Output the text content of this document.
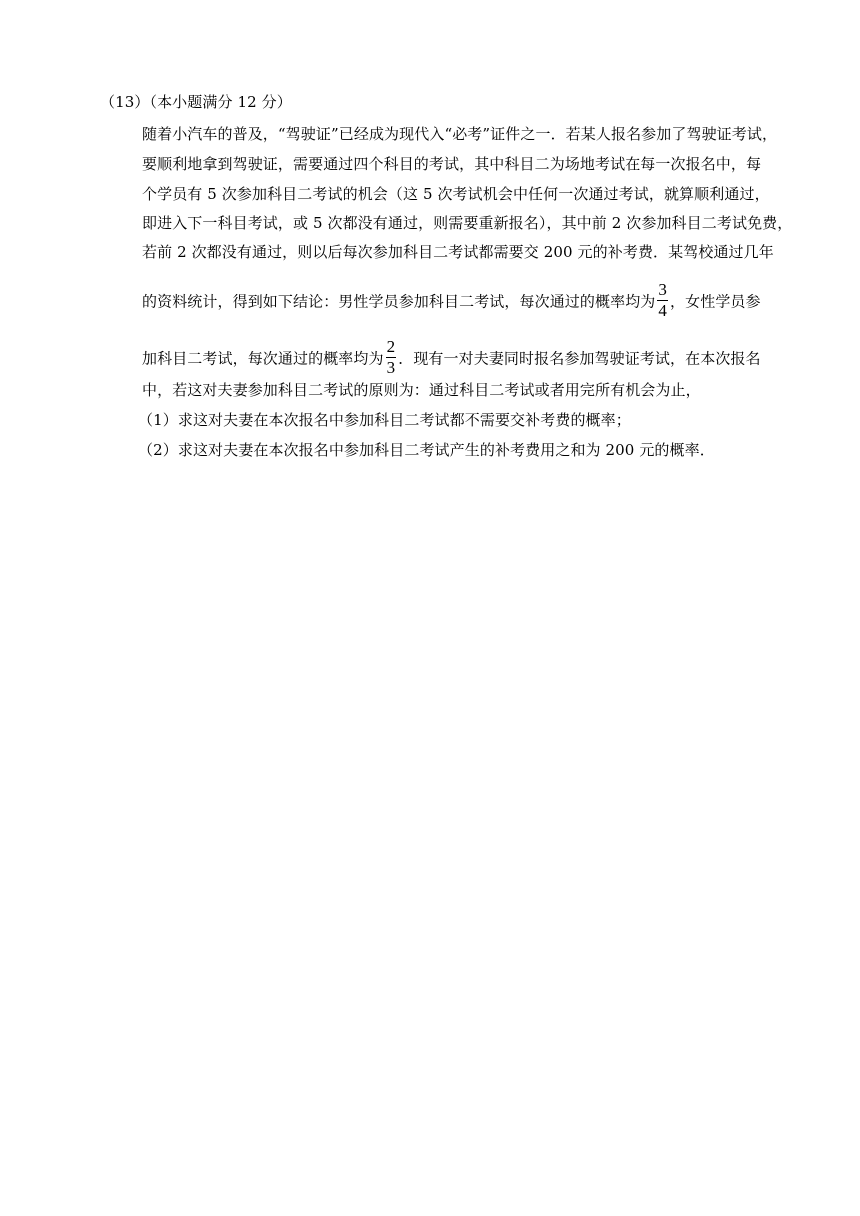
（13）（本小题满分 12 分）
随着小汽车的普及，“驾驶证”已经成为现代入“必考”证件之一．若某人报名参加了驾驶证考试，
要顺利地拿到驾驶证，需要通过四个科目的考试，其中科目二为场地考试在每一次报名中，每
个学员有 5 次参加科目二考试的机会（这 5 次考试机会中任何一次通过考试，就算顺利通过，
即进入下一科目考试，或 5 次都没有通过，则需要重新报名），其中前 2 次参加科目二考试免费，
若前 2 次都没有通过，则以后每次参加科目二考试都需要交 200 元的补考费．某驾校通过几年
的资料统计，得到如下结论：男性学员参加科目二考试，每次通过的概率均为 $\frac{3}{4}$ ，女性学员参
加科目二考试，每次通过的概率均为 $\frac{2}{3}$ ．现有一对夫妻同时报名参加驾驶证考试，在本次报名
中，若这对夫妻参加科目二考试的原则为：通过科目二考试或者用完所有机会为止，
（1）求这对夫妻在本次报名中参加科目二考试都不需要交补考费的概率；
（2）求这对夫妻在本次报名中参加科目二考试产生的补考费用之和为 200 元的概率．
